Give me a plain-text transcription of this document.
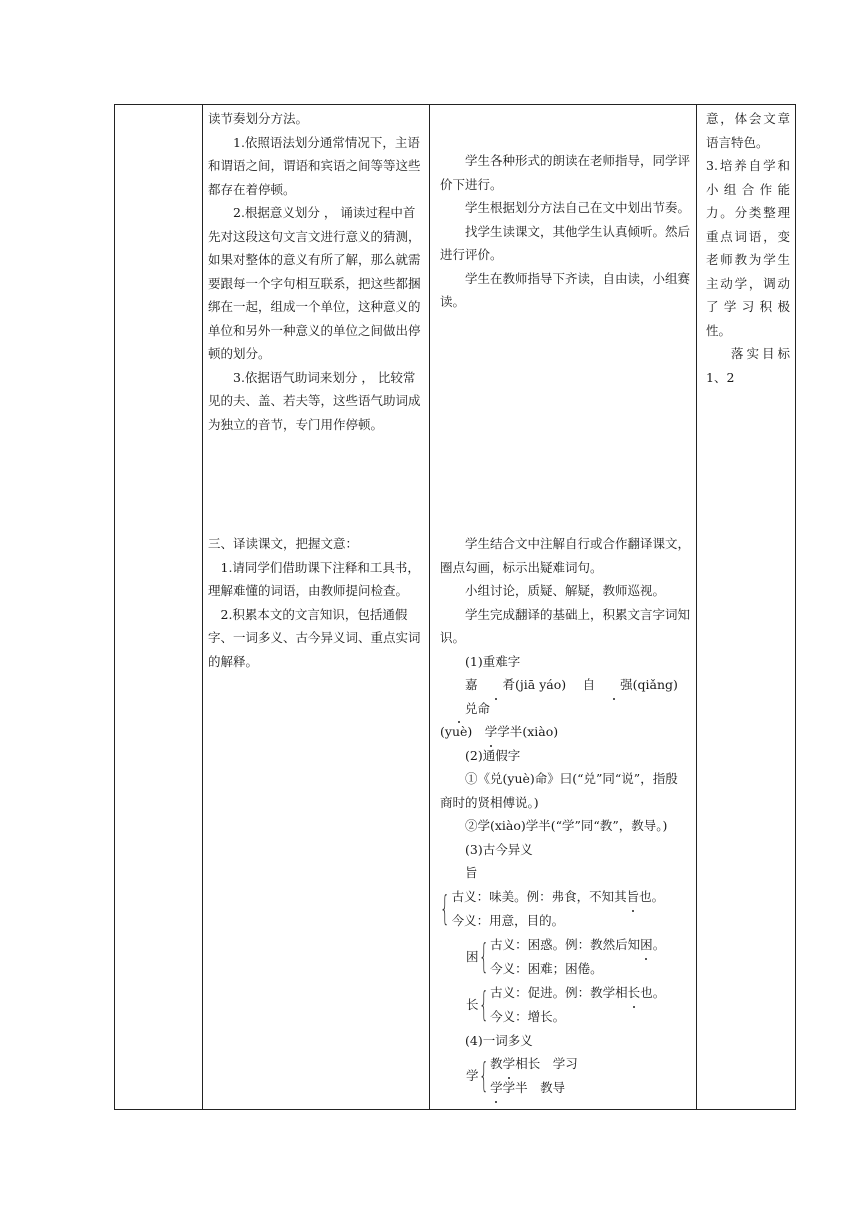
读节奏划分方法。

1.依照语法划分通常情况下，主语和谓语之间，谓语和宾语之间等等这些都存在着停顿。

2.根据意义划分 ， 诵读过程中首先对这段这句文言文进行意义的猜测，如果对整体的意义有所了解，那么就需要跟每一个字句相互联系，把这些都捆绑在一起，组成一个单位，这种意义的单位和另外一种意义的单位之间做出停顿的划分。

3.依据语气助词来划分 ， 比较常见的夫、盖、若夫等，这些语气助词成为独立的音节，专门用作停顿。

三、译读课文，把握文意：

1.请同学们借助课下注释和工具书，理解难懂的词语，由教师提问检查。

2.积累本文的文言知识，包括通假字、一词多义、古今异义词、重点实词的解释。

学生各种形式的朗读在老师指导，同学评价下进行。

学生根据划分方法自己在文中划出节奏。

找学生读课文，其他学生认真倾听。然后进行评价。

学生在教师指导下齐读，自由读，小组赛读。

学生结合文中注解自行或合作翻译课文，圈点勾画，标示出疑难词句。

小组讨论，质疑、解疑，教师巡视。

学生完成翻译的基础上，积累文言字词知识。

(1)重难字

嘉 肴(jiā yáo)　 自 强(qiǎng)　 兑命

(yuè)　 学学半(xiào)

(2)通假字

①《兑(yuè)命》曰(“兑”同“说”，指殷商时的贤相傅说。)

②学(xiào)学半(“学”同“教”，教导。)

(3)古今异义

旨

{ 古义：味美。例：弗食，不知其旨也。

今义：用意，目的。

困 { 古义：困惑。例：教然后知困。

今义：困难；困倦。

长 { 古义：促进。例：教学相长也。

今义：增长。

(4)一词多义

学 { 教学相长　学习

学学半　教导

意，体会文章语言特色。

3.培养自学和小组合作能力。分类整理重点词语，变老师教为学生主动学，调动了学习积极性。

落实目标1、2
